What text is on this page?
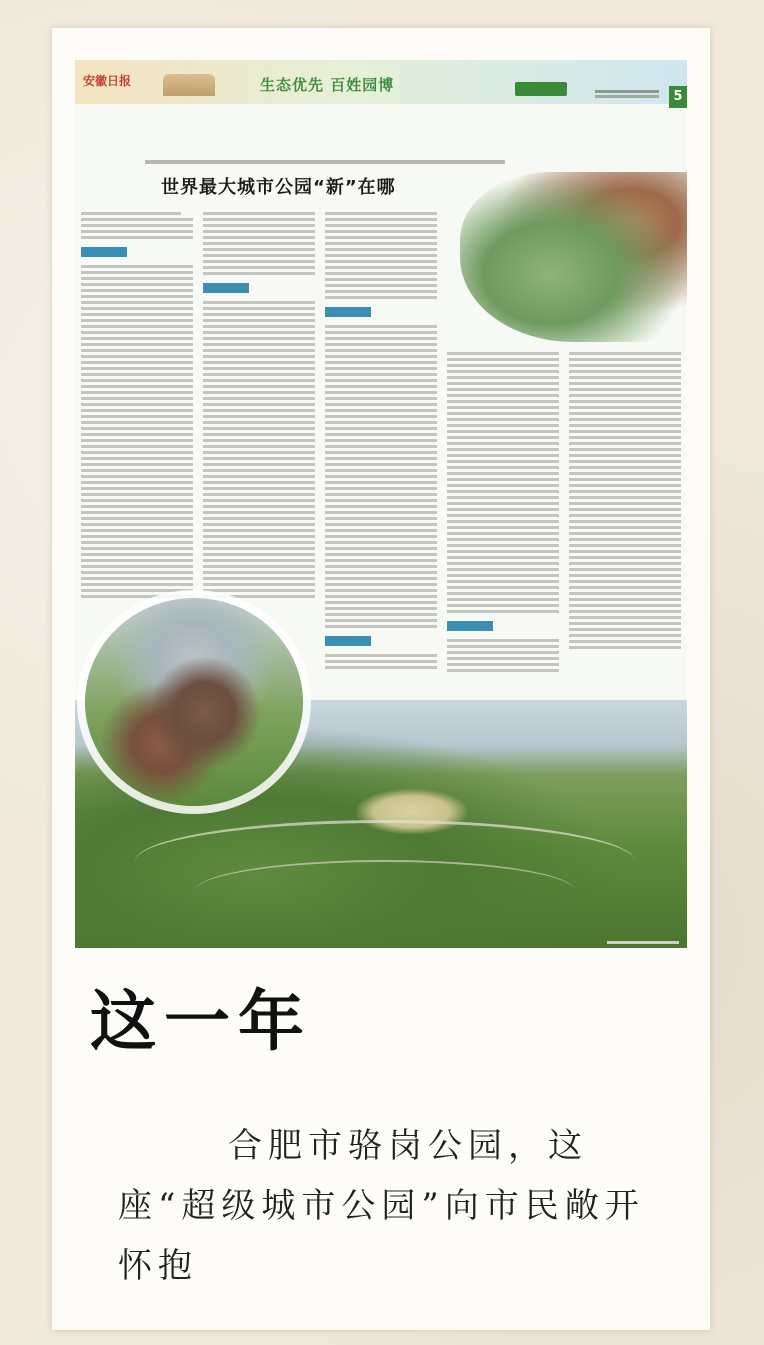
安徽日报	生态优先 百姓园博
5
世界最大城市公园“新”在哪
这一年
合肥市骆岗公园，这座“超级城市公园”向市民敞开怀抱
